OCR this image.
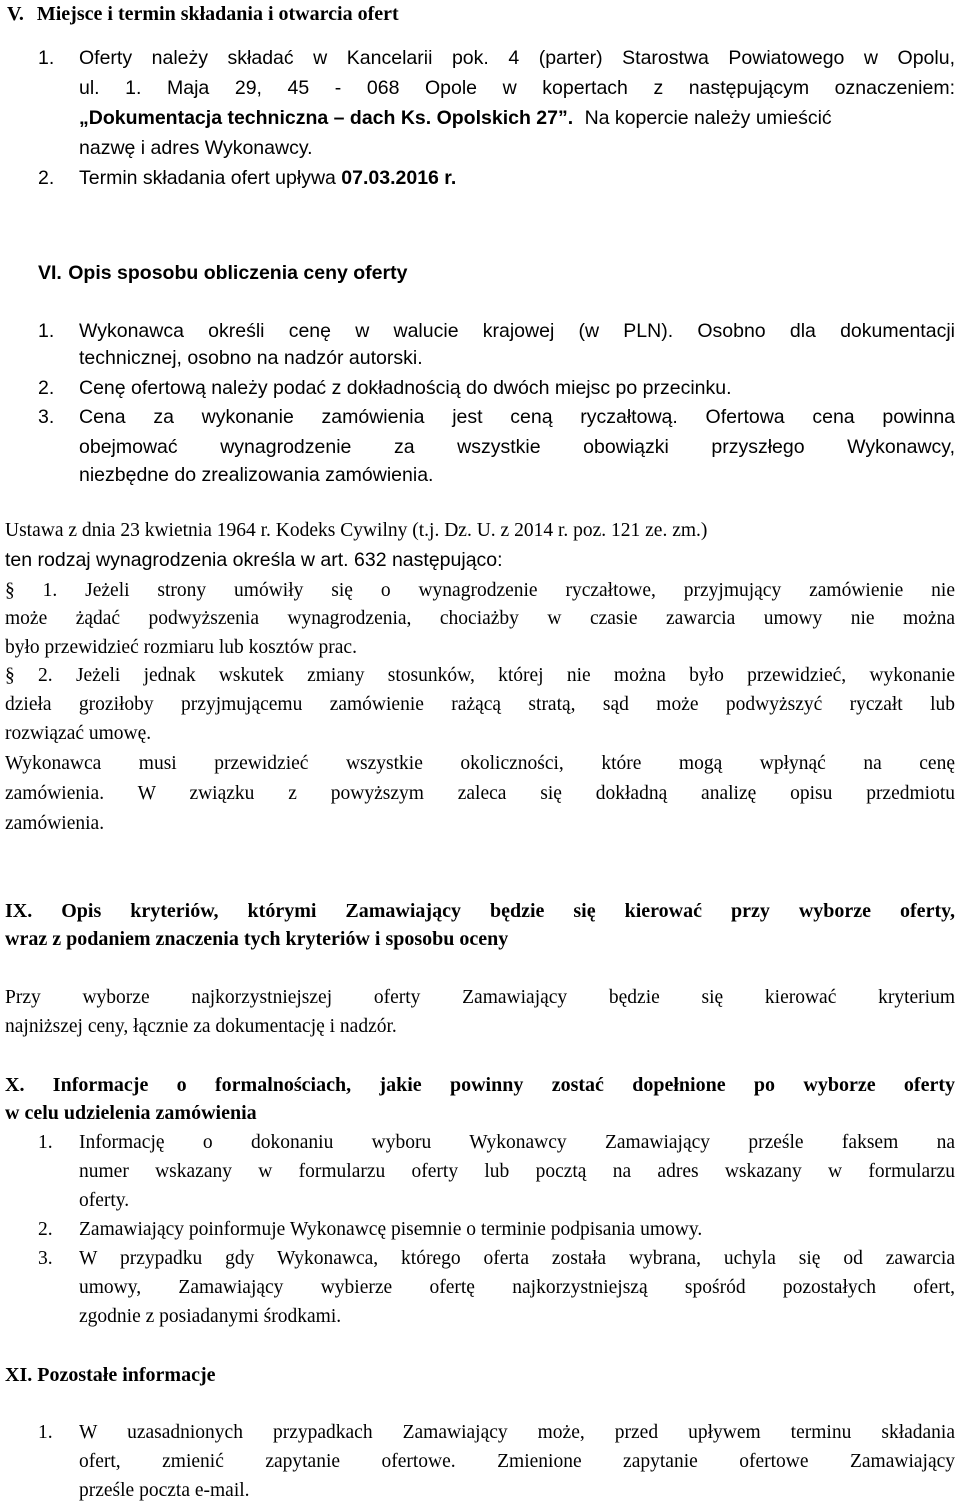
V. Miejsce i termin składania i otwarcia ofert
1. Oferty należy składać w Kancelarii pok. 4 (parter) Starostwa Powiatowego w Opolu,
ul. 1. Maja 29, 45 - 068 Opole w kopertach z następującym oznaczeniem:
„Dokumentacja techniczna – dach Ks. Opolskich 27”. Na kopercie należy umieścić
nazwę i adres Wykonawcy.
2. Termin składania ofert upływa 07.03.2016 r.
VI. Opis sposobu obliczenia ceny oferty
1. Wykonawca określi cenę w walucie krajowej (w PLN). Osobno dla dokumentacji
technicznej, osobno na nadzór autorski.
2. Cenę ofertową należy podać z dokładnością do dwóch miejsc po przecinku.
3. Cena za wykonanie zamówienia jest ceną ryczałtową. Ofertowa cena powinna
obejmować wynagrodzenie za wszystkie obowiązki przyszłego Wykonawcy,
niezbędne do zrealizowania zamówienia.
Ustawa z dnia 23 kwietnia 1964 r. Kodeks Cywilny (t.j. Dz. U. z 2014 r. poz. 121 ze. zm.)
ten rodzaj wynagrodzenia określa w art. 632 następująco:
§ 1. Jeżeli strony umówiły się o wynagrodzenie ryczałtowe, przyjmujący zamówienie nie
może żądać podwyższenia wynagrodzenia, chociażby w czasie zawarcia umowy nie można
było przewidzieć rozmiaru lub kosztów prac.
§ 2. Jeżeli jednak wskutek zmiany stosunków, której nie można było przewidzieć, wykonanie
dzieła groziłoby przyjmującemu zamówienie rażącą stratą, sąd może podwyższyć ryczałt lub
rozwiązać umowę.
Wykonawca musi przewidzieć wszystkie okoliczności, które mogą wpłynąć na cenę
zamówienia. W związku z powyższym zaleca się dokładną analizę opisu przedmiotu
zamówienia.
IX. Opis kryteriów, którymi Zamawiający będzie się kierować przy wyborze oferty,
wraz z podaniem znaczenia tych kryteriów i sposobu oceny
Przy wyborze najkorzystniejszej oferty Zamawiający będzie się kierować kryterium
najniższej ceny, łącznie za dokumentację i nadzór.
X. Informacje o formalnościach, jakie powinny zostać dopełnione po wyborze oferty
w celu udzielenia zamówienia
1. Informację o dokonaniu wyboru Wykonawcy Zamawiający prześle faksem na
numer wskazany w formularzu oferty lub pocztą na adres wskazany w formularzu
oferty.
2. Zamawiający poinformuje Wykonawcę pisemnie o terminie podpisania umowy.
3. W przypadku gdy Wykonawca, którego oferta została wybrana, uchyla się od zawarcia
umowy, Zamawiający wybierze ofertę najkorzystniejszą spośród pozostałych ofert,
zgodnie z posiadanymi środkami.
XI. Pozostałe informacje
1. W uzasadnionych przypadkach Zamawiający może, przed upływem terminu składania
ofert, zmienić zapytanie ofertowe. Zmienione zapytanie ofertowe Zamawiający
prześle poczta e-mail.
